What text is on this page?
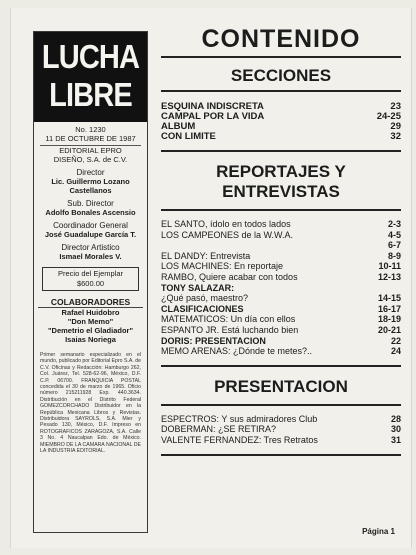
LUCHA
LIBRE
No. 1230
11 DE OCTUBRE DE 1987
EDITORIAL EPRO
DISEÑO, S.A. de C.V.
Director
Lic. Guillermo Lozano Castellanos
Sub. Director
Adolfo Bonales Ascensio
Coordinador General
José Guadalupe García T.
Director Artistico
Ismael Morales V.
Precio del Ejemplar
$600.00
COLABORADORES
Rafael Huidobro
"Don Memo"
"Demetrio el Gladiador"
Isaias Noriega
Primer semanario especializado en el mundo, publicado por Editorial Epro S.A. de C.V. Oficinas y Redacción: Hamburgo 262, Col. Juárez, Tel. 528-62-96, México, D.F. C.P. 06700. FRANQUICIA POSTAL concedida el 30 de marzo de 1965. Oficio número 215211928 Exp. 440.3634. Distribución en el Distrito Federal GOMEZCORCHADO Distribuidor en la República Mexicana Libros y Revistas. Distribuidora SAYROLS, S.A. Mier y Pesado 130, México, D.F. Impreso en ROTOGRAFICOS ZARAGOZA, S.A. Calle 3 No. 4 Naucalpan Edo. de México. MIEMBRO DE LA CAMARA NACIONAL DE LA INDUSTRIA EDITORIAL.
CONTENIDO
SECCIONES
ESQUINA INDISCRETA	23
CAMPAL POR LA VIDA	24-25
ALBUM	29
CON LIMITE	32
REPORTAJES Y
ENTREVISTAS
EL SANTO, ídolo en todos lados	2-3
LOS CAMPEONES de la W.W.A.	4-5
6-7
EL DANDY: Entrevista	8-9
LOS MACHINES: En reportaje	10-11
RAMBO, Quiere acabar con todos	12-13
TONY SALAZAR:
¿Qué pasó, maestro?	14-15
CLASIFICACIONES	16-17
MATEMATICOS: Un día con ellos	18-19
ESPANTO JR. Está luchando bien	20-21
DORIS: PRESENTACION	22
MEMO ARENAS: ¿Dónde te metes?..	24
PRESENTACION
ESPECTROS: Y sus admiradores Club	28
DOBERMAN: ¿SE RETIRA?	30
VALENTE FERNANDEZ: Tres Retratos	31
Página 1
